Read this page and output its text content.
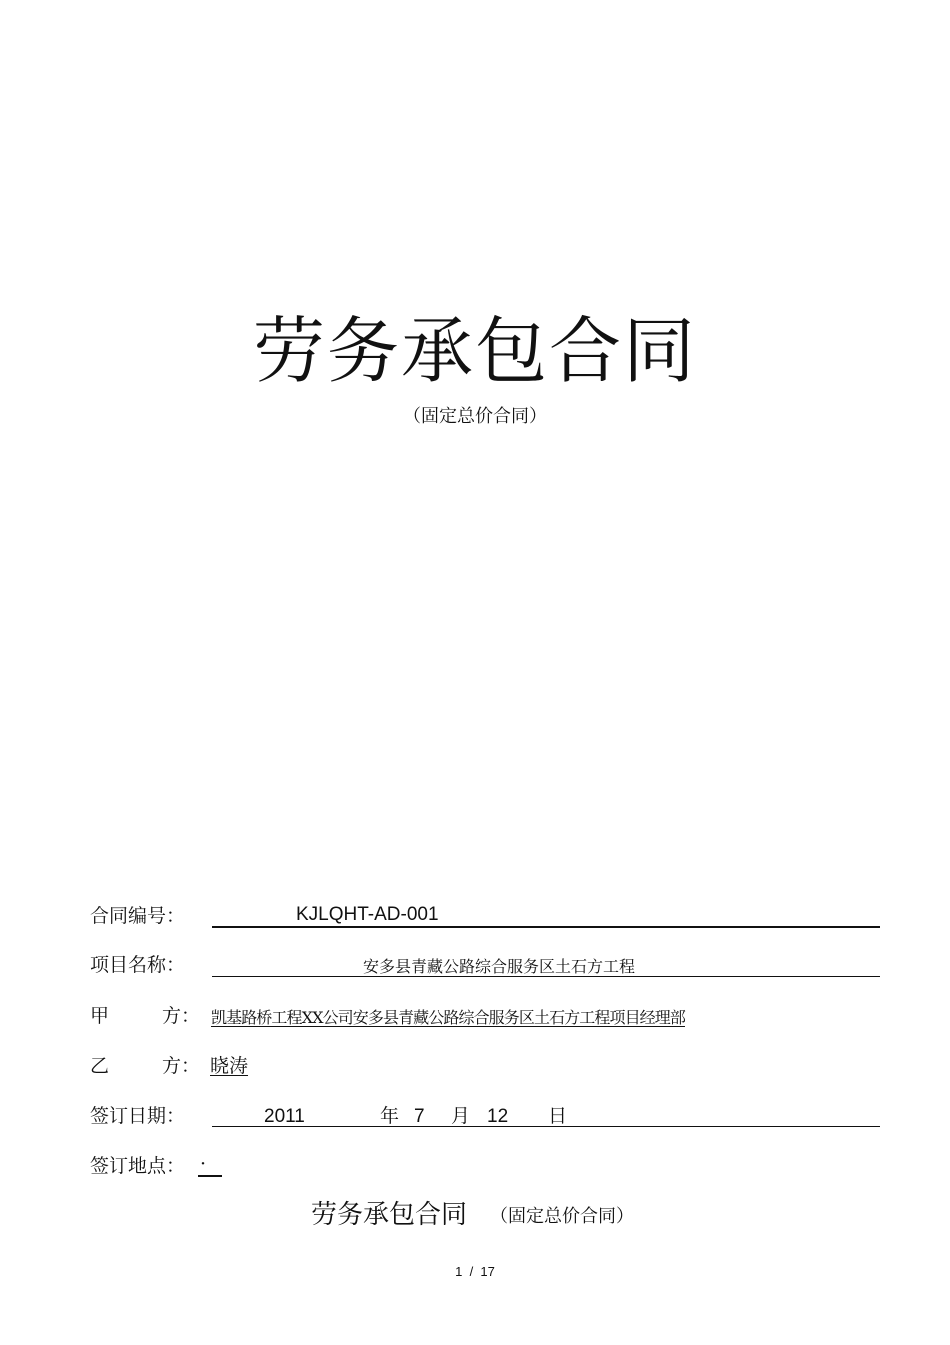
劳务承包合同
（固定总价合同）
合同编号：	KJLQHT-AD-001
项目名称：	安多县青藏公路综合服务区土石方工程
甲	方： 凯基路桥工程XX公司安多县青藏公路综合服务区土石方工程项目经理部
乙	方： 晓涛
签订日期：	2011	年 7 月 12 日
签订地点： ·
劳务承包合同 （固定总价合同）
1  /  17
